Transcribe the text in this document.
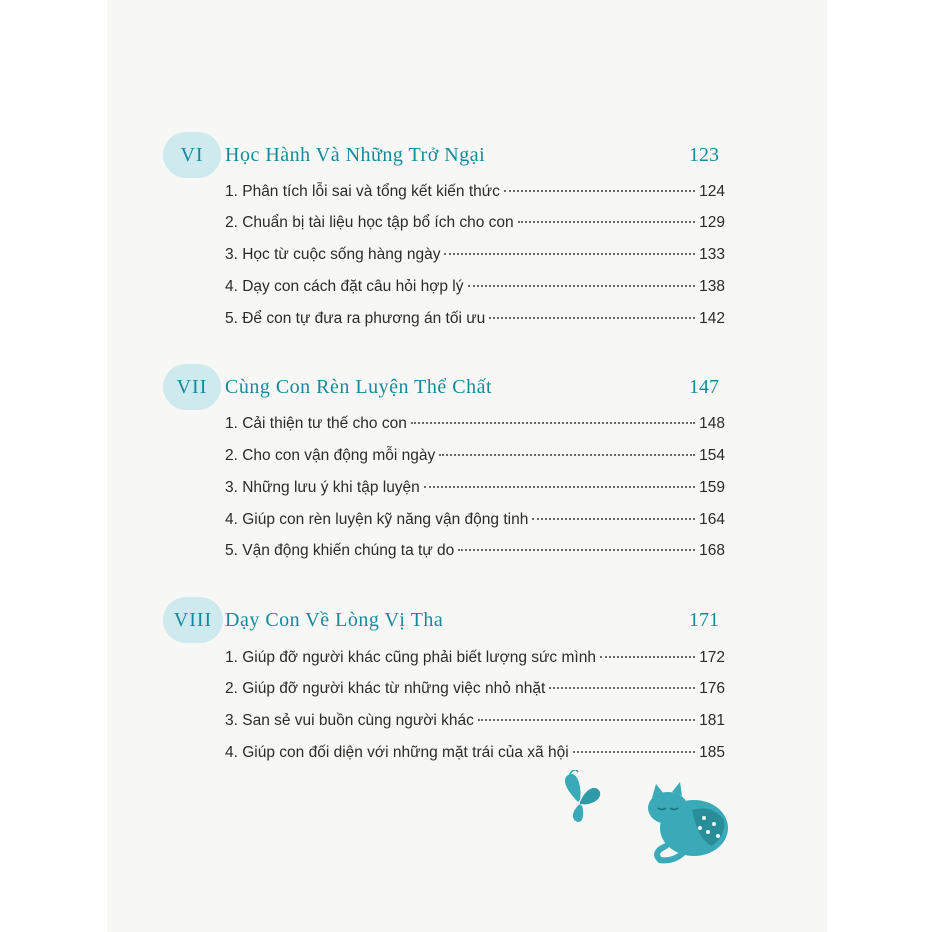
VI	Học Hành Và Những Trở Ngại	123
1. Phân tích lỗi sai và tổng kết kiến thức	124
2. Chuẩn bị tài liệu học tập bổ ích cho con	129
3. Học từ cuộc sống hàng ngày	133
4. Dạy con cách đặt câu hỏi hợp lý	138
5. Để con tự đưa ra phương án tối ưu	142
VII Cùng Con Rèn Luyện Thể Chất	147
1. Cải thiện tư thế cho con	148
2. Cho con vận động mỗi ngày	154
3. Những lưu ý khi tập luyện	159
4. Giúp con rèn luyện kỹ năng vận động tinh	164
5. Vận động khiến chúng ta tự do	168
VIII Dạy Con Về Lòng Vị Tha	171
1. Giúp đỡ người khác cũng phải biết lượng sức mình	172
2. Giúp đỡ người khác từ những việc nhỏ nhặt	176
3. San sẻ vui buồn cùng người khác	181
4. Giúp con đối diện với những mặt trái của xã hội	185
